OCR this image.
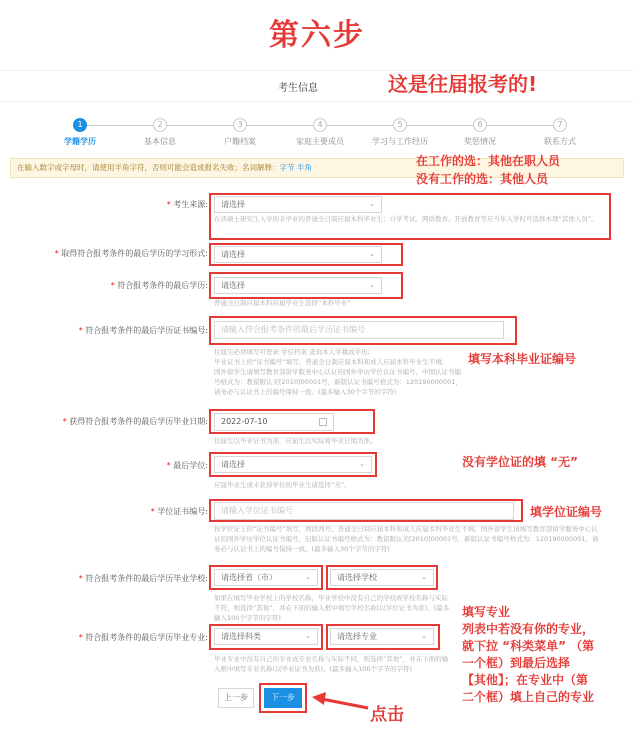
第六步
考生信息	这是往届报考的!
1
学籍学历
2
基本信息
3
户籍档案
4
家庭主要成员
5
学习与工作经历
6
奖惩情况
7
联系方式
在输入数字或字母时，请使用半角字符，否则可能会造成报名失败；名词解释：字节 半角	在工作的选：其他在职人员
没有工作的选：其他人员
* 考生来源:	请选择	⌄
在读硕士研究生入学的非毕业的普通全日制应届本科毕业生；自学考试、网络教育、开放教育等应当年入学时可选择本项“其他人员”。
* 取得符合报考条件的最后学历的学习形式:	请选择	⌄
* 符合报考条件的最后学历:	请选择	⌄
普通全日制应届本科应届毕业生选择“本科毕业”
* 符合报考条件的最后学历证书编号:	请输入符合报考条件的最后学历证书编号
往届生必须填写可登录 学信档案 查询本人学籍或学历;
毕业证书上的“证书编号”填写，普通全日制应届本科和成人应届本科毕业生不填;
国外留学生请填写教育部留学服务中心认证的国外学历学位认证书编号，中国认证书编号格式为：教留服认美[2010]00001号，新版认证书编号格式为：120190000001，请务必与认证书上的编号保持一致。(最多输入30个字节的字符)
填写本科毕业证编号
* 获得符合报考条件的最后学历毕业日期:	2022-07-10
往届生以毕业证书为准，应届生以实际将毕业日期为准。
* 最后学位:	请选择	⌄
应届毕业生或未获得学位的毕业生请选择“无”。
没有学位证的填 “无”
* 学位证书编号:	请输入学位证书编号
按学位证上的“证书编号”填写，两段两号，普通全日制应届本科和成人应届本科毕业生不填；国外留学生请填写教育部留学服务中心认证的国外学历学位认证书编号，旧版认证书编号格式为：教留服认美[2010]00001号，新版认证书编号格式为：120190000001，请务必与认证书上的编号保持一致。(最多输入30个字节的字符)
填学位证编号
* 符合报考条件的最后学历毕业学校:	请选择省（市）	⌄	请选择学校	⌄
如果在填写毕业学校上的学校名称，毕业学校中没有自己的学校或学校名称与实际不符，则选择“其他”，并在下面的输入框中填写学校名称(以学位证书为准)。(最多输入100个字节的字符)	填写专业
列表中若没有你的专业，
就下拉 “科类菜单” （第
一个框）到最后选择
【其他】；在专业中（第
二个框）填上自己的专业
* 符合报考条件的最后学历毕业专业:	请选择科类	⌄	请选择专业	⌄
毕业专业中没有自己的专业或专业名称与实际不同，则选择“其他”，并在下面的输入框中填写专业名称(以毕业证书为准)。(最多输入100个字节的字符)
上一步	下一步
点击
